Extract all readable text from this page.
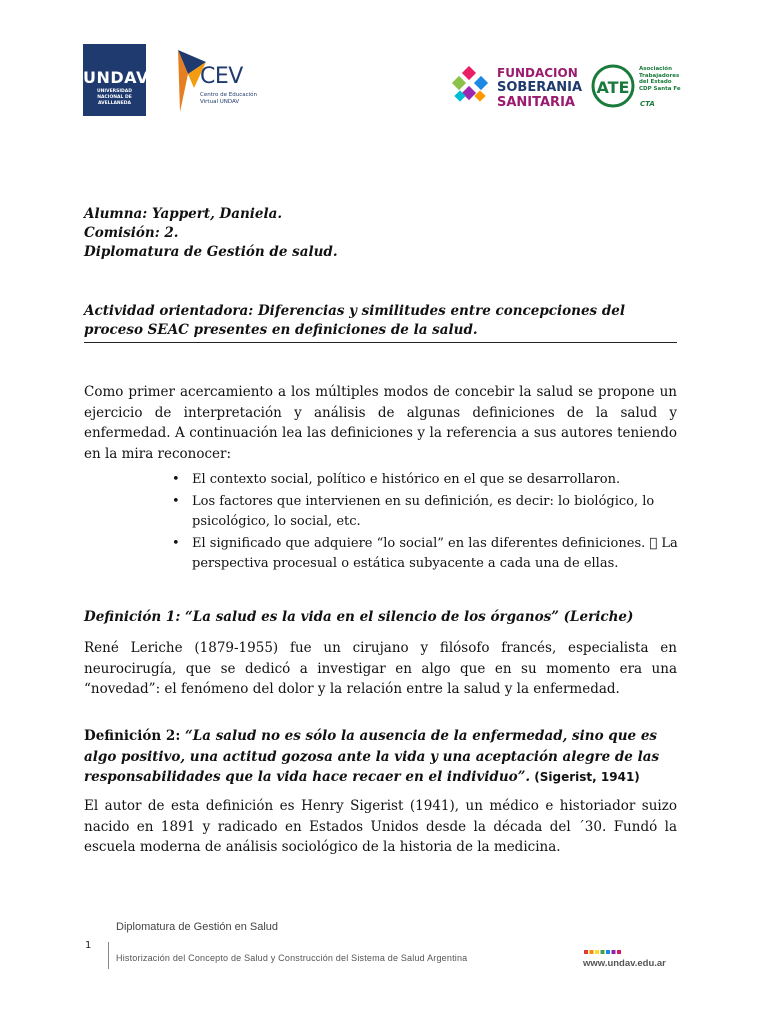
UNDAV
UNIVERSIDAD
NACIONAL DE
AVELLANEDA
CEV
Centro de Educación
Virtual UNDAV
FUNDACION
SOBERANIA
SANITARIA
ATE
Asociación
Trabajadores
del Estado
CDP Santa Fe
CTA
Alumna: Yappert, Daniela.
Comisión: 2.
Diplomatura de Gestión de salud.
Actividad orientadora: Diferencias y similitudes entre concepciones del proceso SEAC presentes en definiciones de la salud.
Como primer acercamiento a los múltiples modos de concebir la salud se propone un ejercicio de interpretación y análisis de algunas definiciones de la salud y enfermedad. A continuación lea las definiciones y la referencia a sus autores teniendo en la mira reconocer:
• El contexto social, político e histórico en el que se desarrollaron.
• Los factores que intervienen en su definición, es decir: lo biológico, lo psicológico, lo social, etc.
• El significado que adquiere “lo social” en las diferentes definiciones. La perspectiva procesual o estática subyacente a cada una de ellas.
Definición 1: “La salud es la vida en el silencio de los órganos” (Leriche)
René Leriche (1879-1955) fue un cirujano y filósofo francés, especialista en neurocirugía, que se dedicó a investigar en algo que en su momento era una “novedad”: el fenómeno del dolor y la relación entre la salud y la enfermedad.
Definición 2: “La salud no es sólo la ausencia de la enfermedad, sino que es algo positivo, una actitud gozosa ante la vida y una aceptación alegre de las responsabilidades que la vida hace recaer en el individuo”. (Sigerist, 1941)
El autor de esta definición es Henry Sigerist (1941), un médico e historiador suizo nacido en 1891 y radicado en Estados Unidos desde la década del ´30. Fundó la escuela moderna de análisis sociológico de la historia de la medicina.
Diplomatura de Gestión en Salud
1
Historización del Concepto de Salud y Construcción del Sistema de Salud Argentina	www.undav.edu.ar
